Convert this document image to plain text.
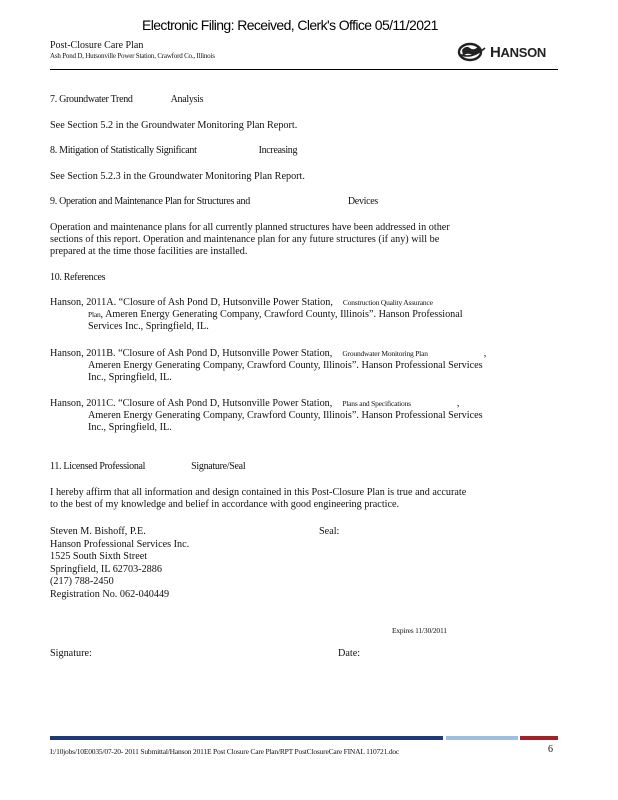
Electronic Filing: Received, Clerk's Office 05/11/2021
Post-Closure Care Plan
Ash Pond D, Hutsonville Power Station, Crawford Co., Illinois	HANSON
7. Groundwater Trend	Analysis
See Section 5.2 in the Groundwater Monitoring Plan Report.
8. Mitigation of Statistically Significant	Increasing
See Section 5.2.3 in the Groundwater Monitoring Plan Report.
9. Operation and Maintenance Plan for Structures and	Devices
Operation and maintenance plans for all currently planned structures have been addressed in other
sections of this report. Operation and maintenance plan for any future structures (if any) will be
prepared at the time those facilities are installed.
10. References
Hanson, 2011A. “Closure of Ash Pond D, Hutsonville Power Station, Construction Quality Assurance
Plan, Ameren Energy Generating Company, Crawford County, Illinois”. Hanson Professional
Services Inc., Springfield, IL.
Hanson, 2011B. “Closure of Ash Pond D, Hutsonville Power Station, Groundwater Monitoring Plan	,
Ameren Energy Generating Company, Crawford County, Illinois”. Hanson Professional Services
Inc., Springfield, IL.
Hanson, 2011C. “Closure of Ash Pond D, Hutsonville Power Station, Plans and Specifications	,
Ameren Energy Generating Company, Crawford County, Illinois”. Hanson Professional Services
Inc., Springfield, IL.
11. Licensed Professional	Signature/Seal
I hereby affirm that all information and design contained in this Post-Closure Plan is true and accurate
to the best of my knowledge and belief in accordance with good engineering practice.
Steven M. Bishoff, P.E.
Hanson Professional Services Inc.
1525 South Sixth Street
Springfield, IL 62703-2886
(217) 788-2450
Registration No. 062-040449
Seal:
Expires 11/30/2011
Signature:	Date:
I:/10jobs/10E0035/07-20- 2011 Submittal/Hanson 2011E Post Closure Care Plan/RPT PostClosureCare FINAL 110721.doc	6
